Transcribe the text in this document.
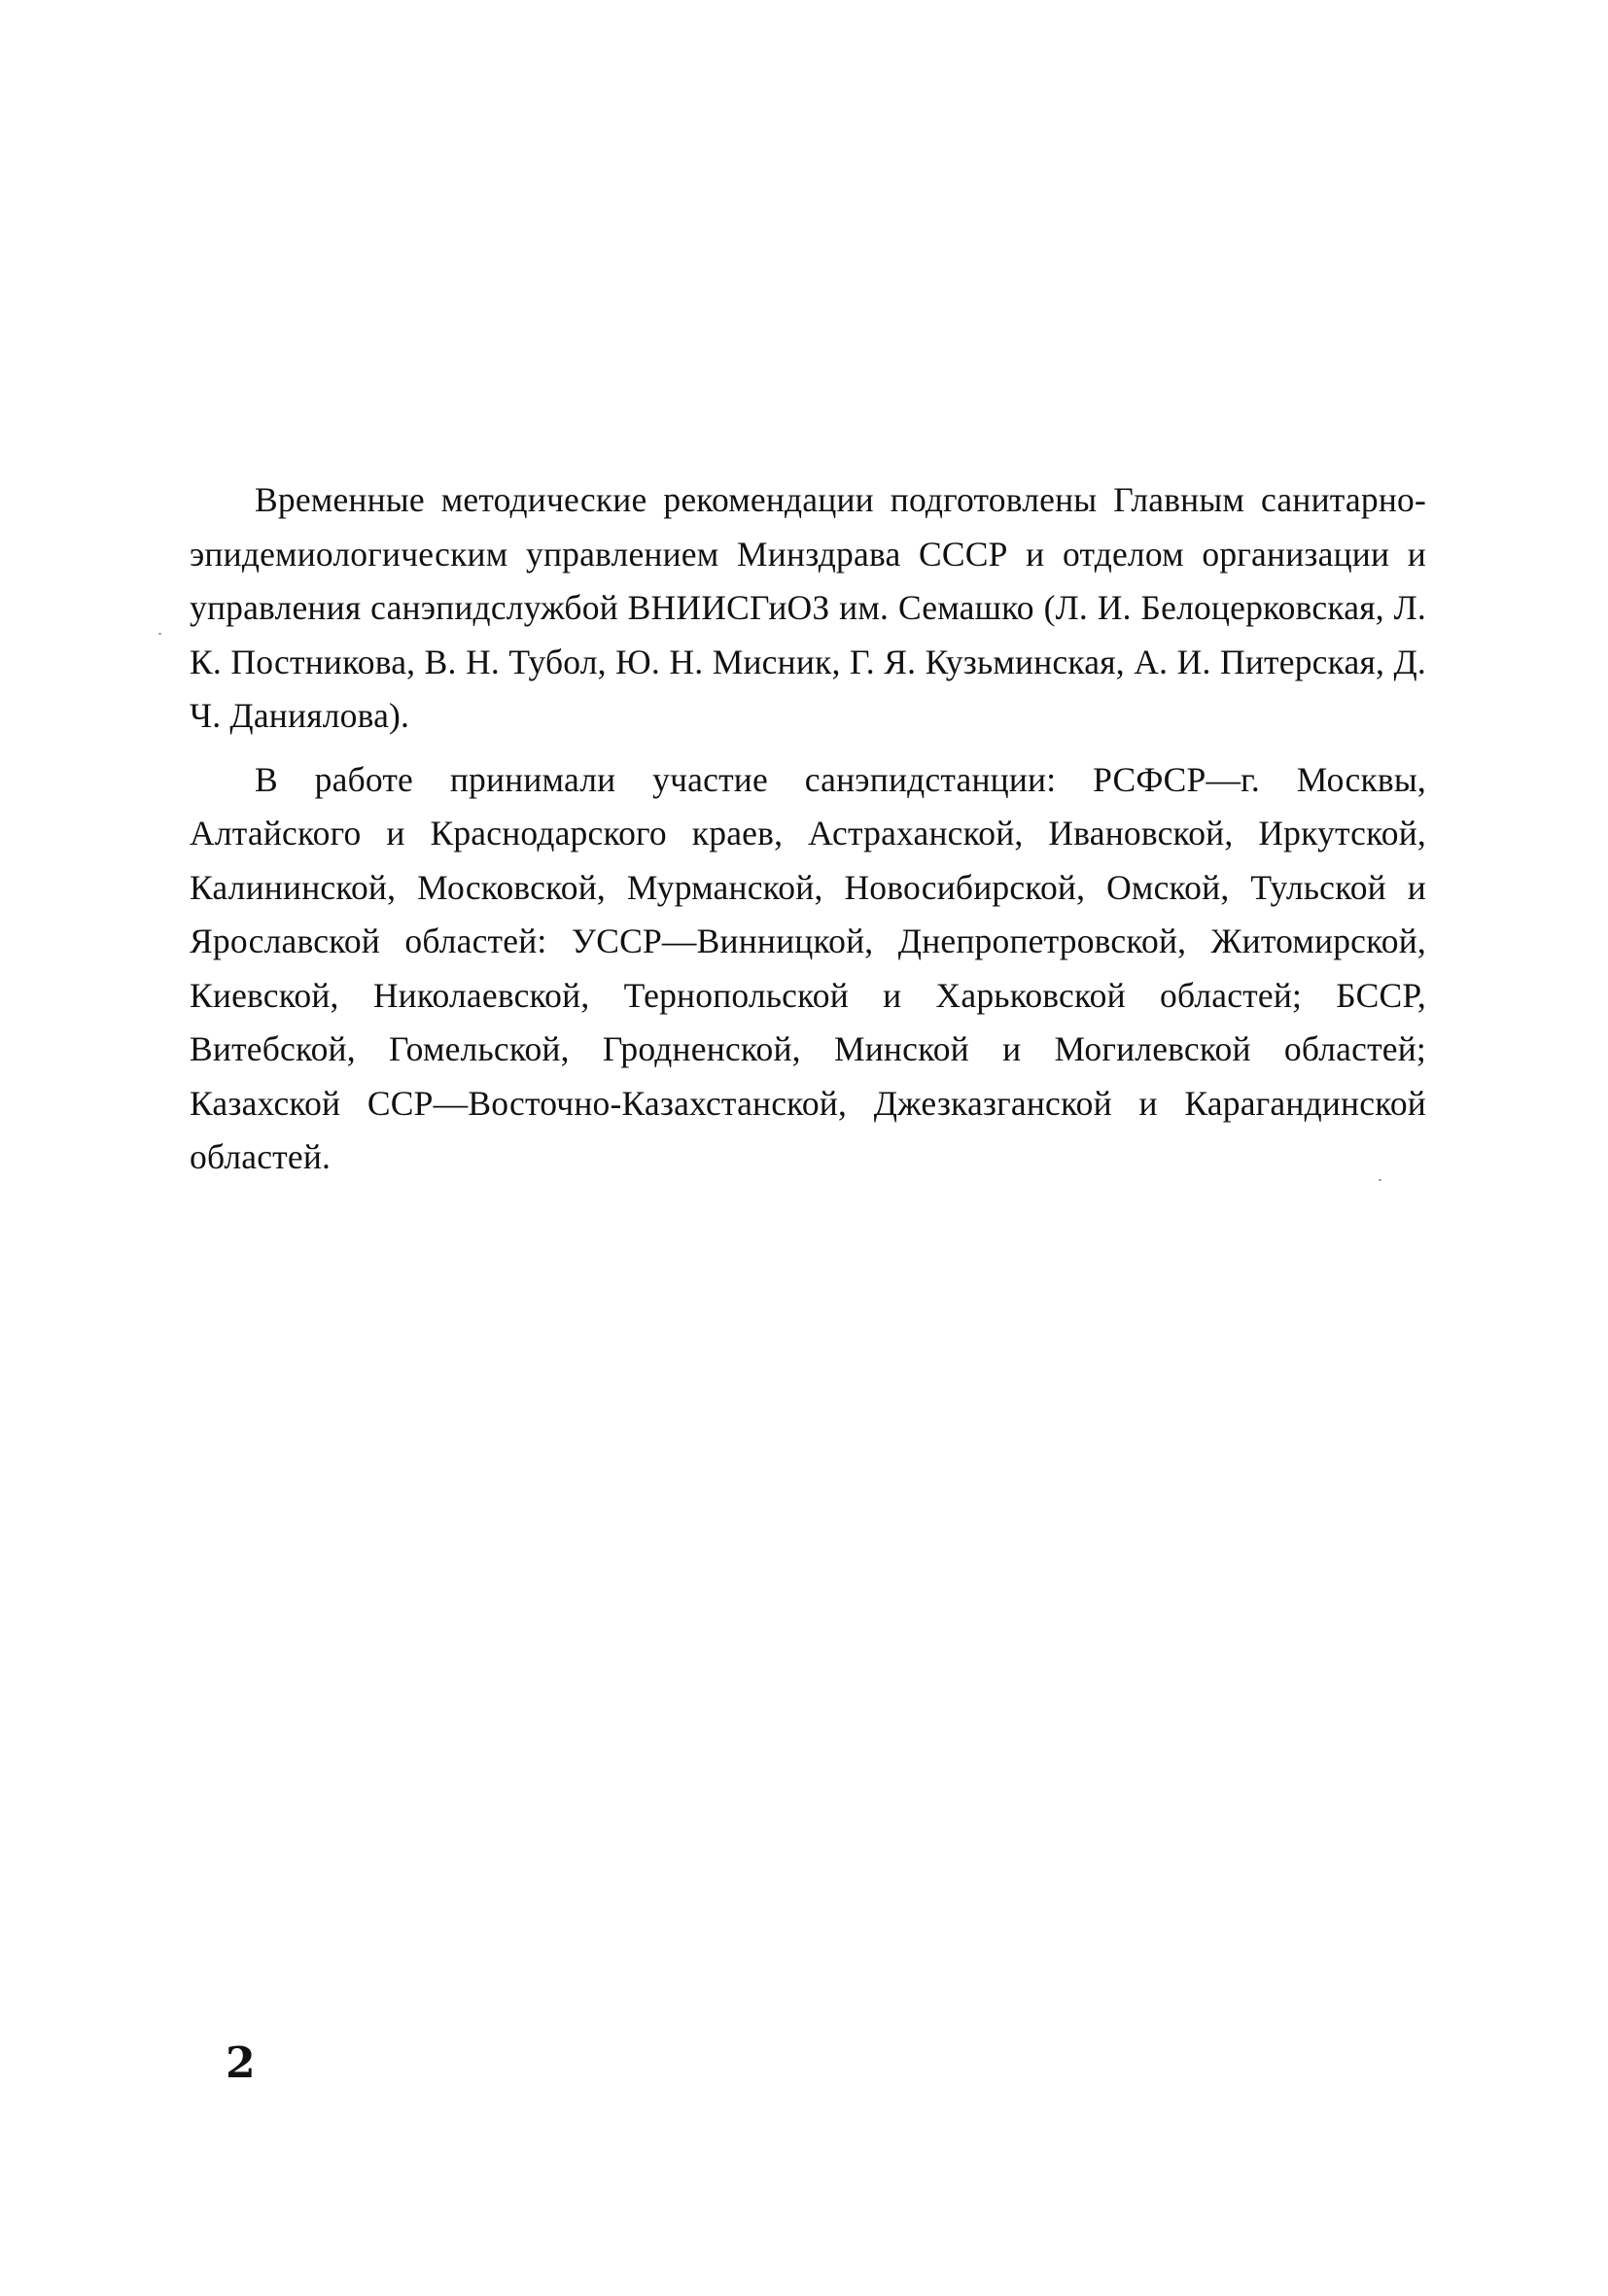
Временные методические рекомендации подготовлены Главным санитарно-эпидемиологическим управлением Минздрава СССР и отделом организации и управления санэпидслужбой ВНИИСГиОЗ им. Семашко (Л. И. Белоцерковская, Л. К. Постникова, В. Н. Тубол, Ю. Н. Мисник, Г. Я. Кузьминская, А. И. Питерская, Д. Ч. Даниялова).

В работе принимали участие санэпидстанции: РСФСР—г. Москвы, Алтайского и Краснодарского краев, Астраханской, Ивановской, Иркутской, Калининской, Московской, Мурманской, Новосибирской, Омской, Тульской и Ярославской областей: УССР—Винницкой, Днепропетровской, Житомирской, Киевской, Николаевской, Тернопольской и Харьковской областей; БССР, Витебской, Гомельской, Гродненской, Минской и Могилевской областей; Казахской ССР—Восточно-Казахстанской, Джезказганской и Карагандинской областей.

2
